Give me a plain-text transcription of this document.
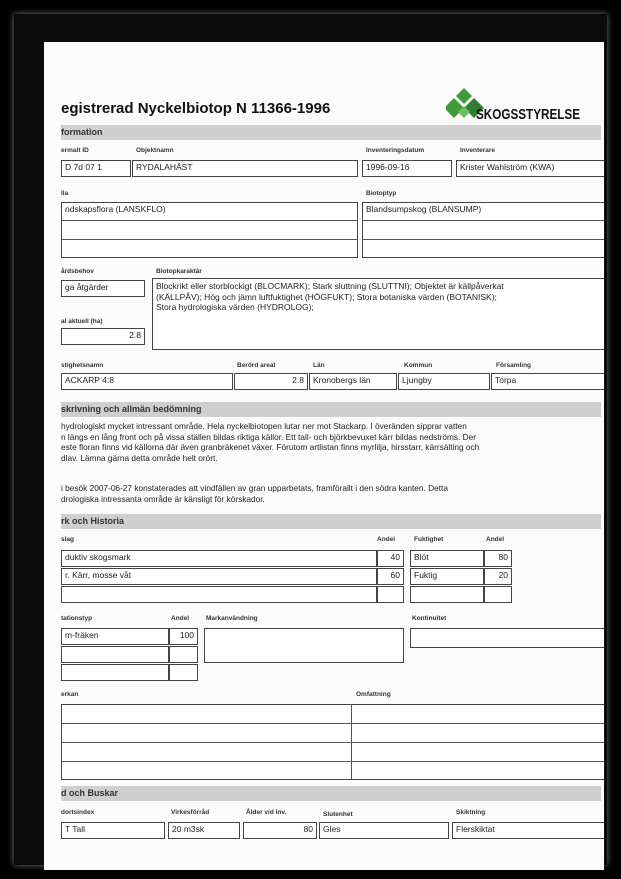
egistrerad Nyckelbiotop N 11366-1996	SKOGSSTYRELSE
formation
ermalt ID
D 7d 07 1
Objektnamn
RYDALAHÄST
Inventeringsdatum
1996-09-16
Inventerare
Krister Wahlström (KWA)
lla
ndskapsflora (LANSKFLO)
Biotoptyp
Blandsumpskog (BLANSUMP)
årdsbehov
ga åtgärder
al aktuell (ha)
2.8
Biotopkaraktär
Blockrikt eller storblockigt (BLOCMARK); Stark sluttning (SLUTTNI); Objektet är källpåverkat
(KÄLLPÅV); Hög och jämn luftfuktighet (HÖGFUKT); Stora botaniska värden (BOTANISK);
Stora hydrologiska värden (HYDROLOG);
stighetsnamn
ACKARP 4:8
Berörd areal
2.8
Län
Kronobergs län
Kommun
Ljungby
Församling
Torpa
skrivning och allmän bedömning
hydrologiskt mycket intressant område. Hela nyckelbiotopen lutar ner mot Stackarp. I överänden sipprar vatten
n längs en lång front och på vissa ställen bildas riktiga källor. Ett tall- och björkbevuxet kärr bildas nedströms. Der
este floran finns vid källorna där även granbräkenet växer. Förutom artlistan finns myrlilja, hirsstarr, kärrsälting och
dlav. Lämna gärna detta område helt orört.
i besök 2007-06-27 konstaterades att vindfällen av gran upparbetats, framförallt i den södra kanten. Detta
drologiska intressanta område är känsligt för körskador.
rk och Historia
slag	Andel
duktiv skogsmark	40
r. Kärr, mosse våt	60
Fuktighet	Andel
Blöt	80
Fuktig	20
tationstyp	Andel
m-fräken	100
Markanvändning	Kontinuitet
erkan	Omfattning
d och Buskar
dortsindex	Virkesförråd	Ålder vid inv.	Slutenhet	Skiktning
T Tall	20 m3sk	80	Gles	Flerskiktat
